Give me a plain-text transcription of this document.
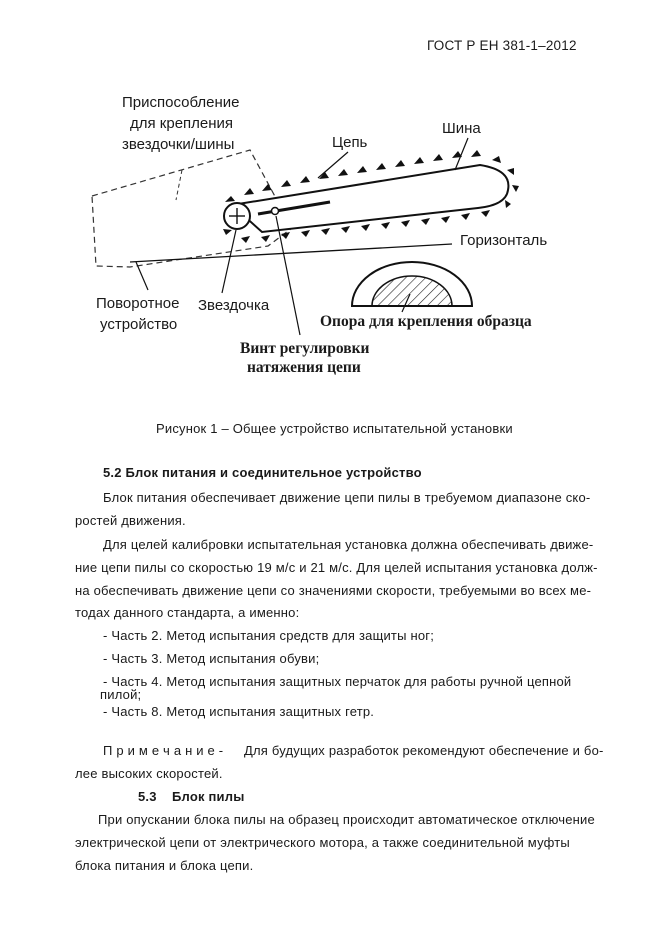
ГОСТ Р ЕН 381-1–2012
Приспособление
для крепления
звездочки/шины	Цепь
Шина
Горизонталь
Поворотное
устройство
Звездочка
Опора для крепления образца
Винт регулировки
натяжения цепи
Рисунок 1 – Общее устройство испытательной установки
5.2 Блок питания и соединительное устройство
Блок питания обеспечивает движение цепи пилы в требуемом диапазоне ско-
ростей движения.
Для целей калибровки испытательная установка должна обеспечивать движе-
ние цепи пилы со скоростью 19 м/с и 21 м/с. Для целей испытания установка долж-
на обеспечивать движение цепи со значениями скорости, требуемыми во всех ме-
тодах данного стандарта, а именно:
- Часть 2. Метод испытания средств для защиты ног;
- Часть 3. Метод испытания обуви;
- Часть 4. Метод испытания защитных перчаток для работы ручной цепной
пилой;
- Часть 8. Метод испытания защитных гетр.
П р и м е ч а н и е - Для будущих разработок рекомендуют обеспечение и бо-
лее высоких скоростей.
5.3 Блок пилы
При опускании блока пилы на образец происходит автоматическое отключение
электрической цепи от электрического мотора, а также соединительной муфты
блока питания и блока цепи.
